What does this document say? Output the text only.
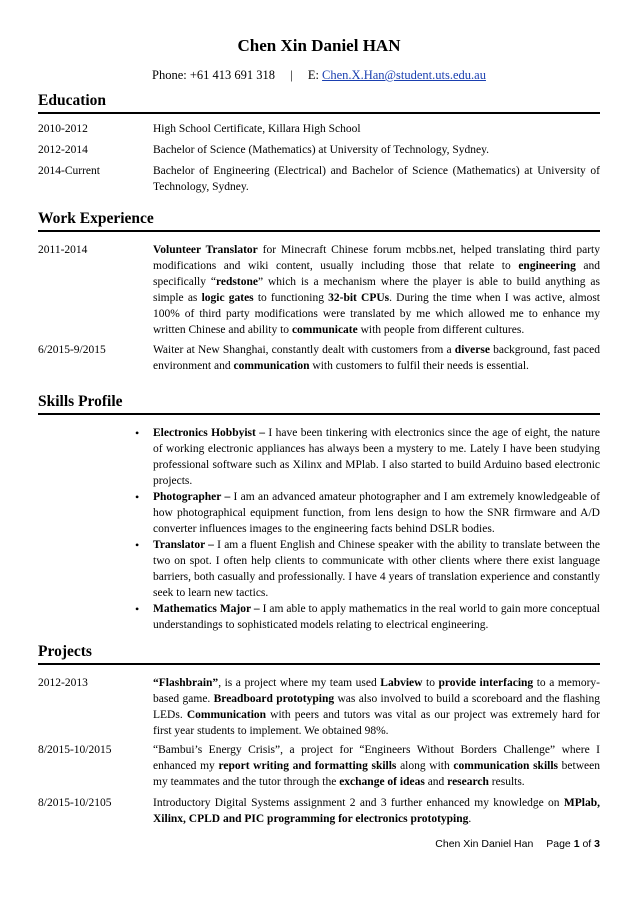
Chen Xin Daniel HAN
Phone: +61 413 691 318 | E: Chen.X.Han@student.uts.edu.au
Education
2010-2012	High School Certificate, Killara High School
2012-2014	Bachelor of Science (Mathematics) at University of Technology, Sydney.
2014-Current	Bachelor of Engineering (Electrical) and Bachelor of Science (Mathematics) at University of Technology, Sydney.
Work Experience
2011-2014	Volunteer Translator for Minecraft Chinese forum mcbbs.net, helped translating third party modifications and wiki content, usually including those that relate to engineering and specifically “redstone” which is a mechanism where the player is able to build anything as simple as logic gates to functioning 32-bit CPUs. During the time when I was active, almost 100% of third party modifications were translated by me which allowed me to enhance my written Chinese and ability to communicate with people from different cultures.
6/2015-9/2015	Waiter at New Shanghai, constantly dealt with customers from a diverse background, fast paced environment and communication with customers to fulfil their needs is essential.
Skills Profile
• Electronics Hobbyist – I have been tinkering with electronics since the age of eight, the nature of working electronic appliances has always been a mystery to me. Lately I have been studying professional software such as Xilinx and MPlab. I also started to build Arduino based electronic projects.
• Photographer – I am an advanced amateur photographer and I am extremely knowledgeable of how photographical equipment function, from lens design to how the SNR firmware and A/D converter influences images to the engineering facts behind DSLR bodies.
• Translator – I am a fluent English and Chinese speaker with the ability to translate between the two on spot. I often help clients to communicate with other clients where there exist language barriers, both casually and professionally. I have 4 years of translation experience and constantly seek to learn new tactics.
• Mathematics Major – I am able to apply mathematics in the real world to gain more conceptual understandings to sophisticated models relating to electrical engineering.
Projects
2012-2013	“Flashbrain”, is a project where my team used Labview to provide interfacing to a memory-based game. Breadboard prototyping was also involved to build a scoreboard and the flashing LEDs. Communication with peers and tutors was vital as our project was extremely hard for first year students to implement. We obtained 98%.
8/2015-10/2015	“Bambui’s Energy Crisis”, a project for “Engineers Without Borders Challenge” where I enhanced my report writing and formatting skills along with communication skills between my teammates and the tutor through the exchange of ideas and research results.
8/2015-10/2105	Introductory Digital Systems assignment 2 and 3 further enhanced my knowledge on MPlab, Xilinx, CPLD and PIC programming for electronics prototyping.
Chen Xin Daniel Han Page 1 of 3
